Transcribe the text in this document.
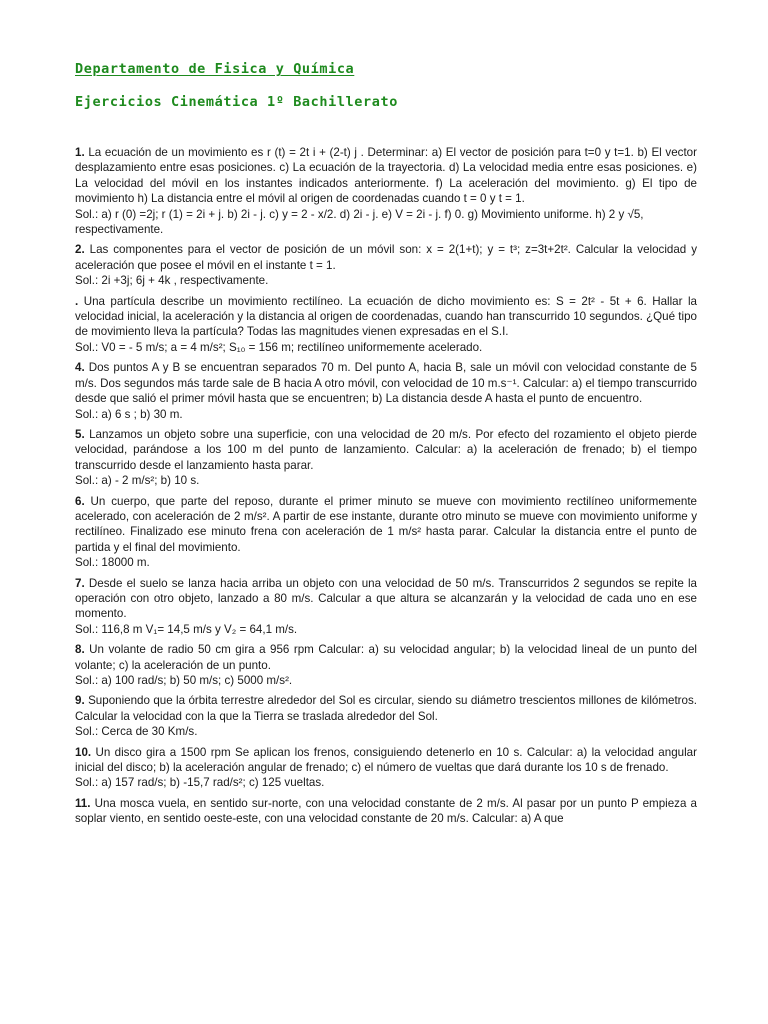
Departamento de Fisica y Química
Ejercicios Cinemática 1º Bachillerato

1. La ecuación de un movimiento es r (t) = 2t i + (2-t) j . Determinar: a) El vector de posición para t=0 y t=1. b) El vector desplazamiento entre esas posiciones. c) La ecuación de la trayectoria. d) La velocidad media entre esas posiciones. e) La velocidad del móvil en los instantes indicados anteriormente. f) La aceleración del movimiento. g) El tipo de movimiento h) La distancia entre el móvil al origen de coordenadas cuando t = 0 y t = 1.

Sol.: a) r (0) =2j; r (1) = 2i + j. b) 2i - j. c) y = 2 - x/2. d) 2i - j. e) V = 2i - j. f) 0. g) Movimiento uniforme. h) 2 y √5, respectivamente.

2. Las componentes para el vector de posición de un móvil son: x = 2(1+t); y = t³; z=3t+2t². Calcular la velocidad y aceleración que posee el móvil en el instante t = 1.

Sol.: 2i +3j; 6j + 4k , respectivamente.

. Una partícula describe un movimiento rectilíneo. La ecuación de dicho movimiento es: S = 2t² - 5t + 6. Hallar la velocidad inicial, la aceleración y la distancia al origen de coordenadas, cuando han transcurrido 10 segundos. ¿Qué tipo de movimiento lleva la partícula? Todas las magnitudes vienen expresadas en el S.I.

Sol.: V0 = - 5 m/s; a = 4 m/s²; S₁₀ = 156 m; rectilíneo uniformemente acelerado.

4. Dos puntos A y B se encuentran separados 70 m. Del punto A, hacia B, sale un móvil con velocidad constante de 5 m/s. Dos segundos más tarde sale de B hacia A otro móvil, con velocidad de 10 m.s⁻¹. Calcular: a) el tiempo transcurrido desde que salió el primer móvil hasta que se encuentren; b) La distancia desde A hasta el punto de encuentro.

Sol.: a) 6 s ; b) 30 m.

5. Lanzamos un objeto sobre una superficie, con una velocidad de 20 m/s. Por efecto del rozamiento el objeto pierde velocidad, parándose a los 100 m del punto de lanzamiento. Calcular: a) la aceleración de frenado; b) el tiempo transcurrido desde el lanzamiento hasta parar.

Sol.: a) - 2 m/s²; b) 10 s.

6. Un cuerpo, que parte del reposo, durante el primer minuto se mueve con movimiento rectilíneo uniformemente acelerado, con aceleración de 2 m/s². A partir de ese instante, durante otro minuto se mueve con movimiento uniforme y rectilíneo. Finalizado ese minuto frena con aceleración de 1 m/s² hasta parar. Calcular la distancia entre el punto de partida y el final del movimiento.

Sol.: 18000 m.

7. Desde el suelo se lanza hacia arriba un objeto con una velocidad de 50 m/s. Transcurridos 2 segundos se repite la operación con otro objeto, lanzado a 80 m/s. Calcular a que altura se alcanzarán y la velocidad de cada uno en ese momento.

Sol.: 116,8 m V₁= 14,5 m/s y V₂ = 64,1 m/s.

8. Un volante de radio 50 cm gira a 956 rpm Calcular: a) su velocidad angular; b) la velocidad lineal de un punto del volante; c) la aceleración de un punto.

Sol.: a) 100 rad/s; b) 50 m/s; c) 5000 m/s².

9. Suponiendo que la órbita terrestre alrededor del Sol es circular, siendo su diámetro trescientos millones de kilómetros. Calcular la velocidad con la que la Tierra se traslada alrededor del Sol.

Sol.: Cerca de 30 Km/s.

10. Un disco gira a 1500 rpm Se aplican los frenos, consiguiendo detenerlo en 10 s. Calcular: a) la velocidad angular inicial del disco; b) la aceleración angular de frenado; c) el número de vueltas que dará durante los 10 s de frenado.

Sol.: a) 157 rad/s; b) -15,7 rad/s²; c) 125 vueltas.

11. Una mosca vuela, en sentido sur-norte, con una velocidad constante de 2 m/s. Al pasar por un punto P empieza a soplar viento, en sentido oeste-este, con una velocidad constante de 20 m/s. Calcular: a) A que
